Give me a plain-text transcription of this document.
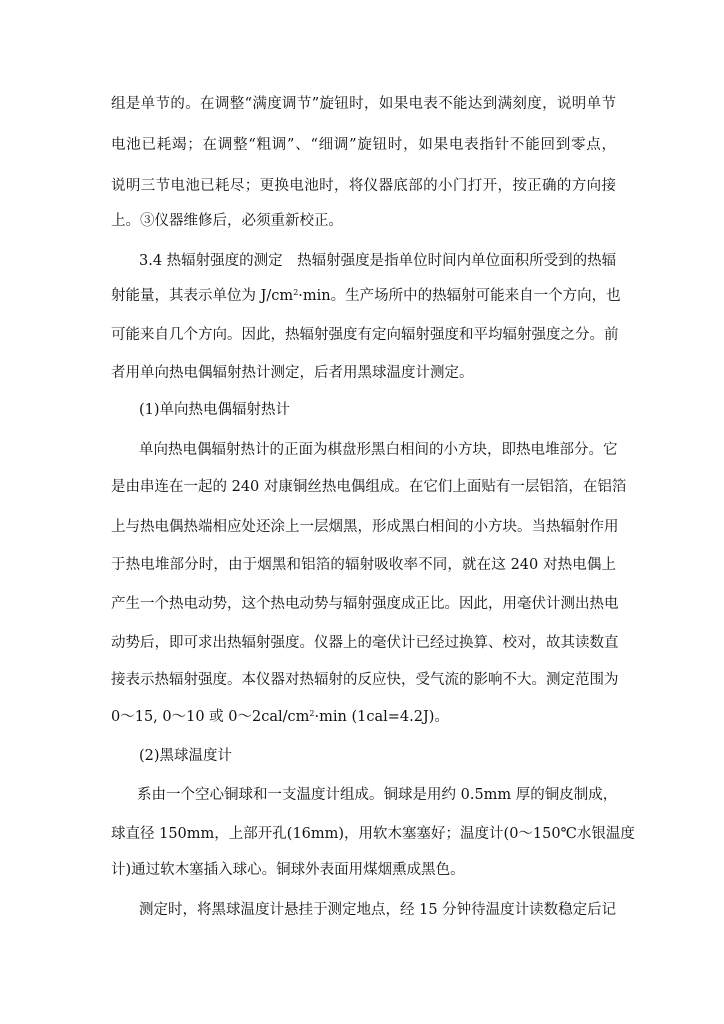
组是单节的。在调整“满度调节”旋钮时，如果电表不能达到满刻度，说明单节
电池已耗竭；在调整“粗调”、“细调”旋钮时，如果电表指针不能回到零点，
说明三节电池已耗尽；更换电池时，将仪器底部的小门打开，按正确的方向接
上。③仪器维修后，必须重新校正。
3.4 热辐射强度的测定　热辐射强度是指单位时间内单位面积所受到的热辐
射能量，其表示单位为 $J/cm^2\cdot\min$。生产场所中的热辐射可能来自一个方向，也
可能来自几个方向。因此，热辐射强度有定向辐射强度和平均辐射强度之分。前
者用单向热电偶辐射热计测定，后者用黑球温度计测定。
(1)单向热电偶辐射热计
单向热电偶辐射热计的正面为棋盘形黑白相间的小方块，即热电堆部分。它
是由串连在一起的 240 对康铜丝热电偶组成。在它们上面贴有一层铝箔，在铝箔
上与热电偶热端相应处还涂上一层烟黑，形成黑白相间的小方块。当热辐射作用
于热电堆部分时，由于烟黑和铝箔的辐射吸收率不同，就在这 240 对热电偶上
产生一个热电动势，这个热电动势与辐射强度成正比。因此，用毫伏计测出热电
动势后，即可求出热辐射强度。仪器上的毫伏计已经过换算、校对，故其读数直
接表示热辐射强度。本仪器对热辐射的反应快，受气流的影响不大。测定范围为
0～15, 0～10 或 $0\sim 2cal/cm^2\cdot\min$ (1cal=4.2J)。
(2)黑球温度计
系由一个空心铜球和一支温度计组成。铜球是用约 0.5mm 厚的铜皮制成，
球直径 150mm，上部开孔(16mm)，用软木塞塞好；温度计(0～150℃水银温度
计)通过软木塞插入球心。铜球外表面用煤烟熏成黑色。
测定时，将黑球温度计悬挂于测定地点，经 15 分钟待温度计读数稳定后记
